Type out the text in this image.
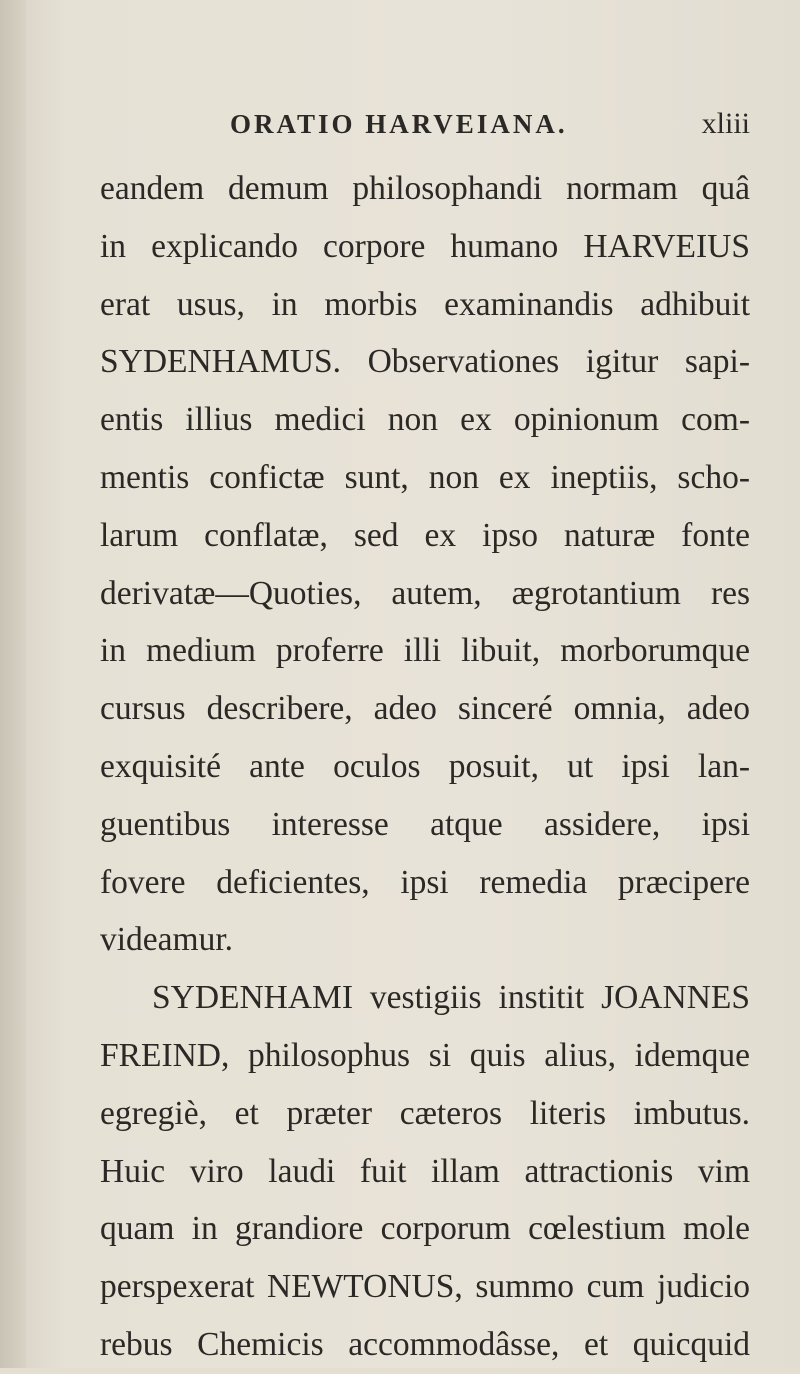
ORATIO HARVEIANA.	xliii
eandem demum philosophandi normam quâ
in explicando corpore humano HARVEIUS
erat usus, in morbis examinandis adhibuit
SYDENHAMUS. Observationes igitur sapi-
entis illius medici non ex opinionum com-
mentis confictæ sunt, non ex ineptiis, scho-
larum conflatæ, sed ex ipso naturæ fonte
derivatæ—Quoties, autem, ægrotantium res
in medium proferre illi libuit, morborumque
cursus describere, adeo sinceré omnia, adeo
exquisité ante oculos posuit, ut ipsi lan-
guentibus interesse atque assidere, ipsi
fovere deficientes, ipsi remedia præcipere
videamur.
SYDENHAMI vestigiis institit JOANNES
FREIND, philosophus si quis alius, idemque
egregiè, et præter cæteros literis imbutus.
Huic viro laudi fuit illam attractionis vim
quam in grandiore corporum cœlestium mole
perspexerat NEWTONUS, summo cum judicio
rebus Chemicis accommodâsse, et quicquid
